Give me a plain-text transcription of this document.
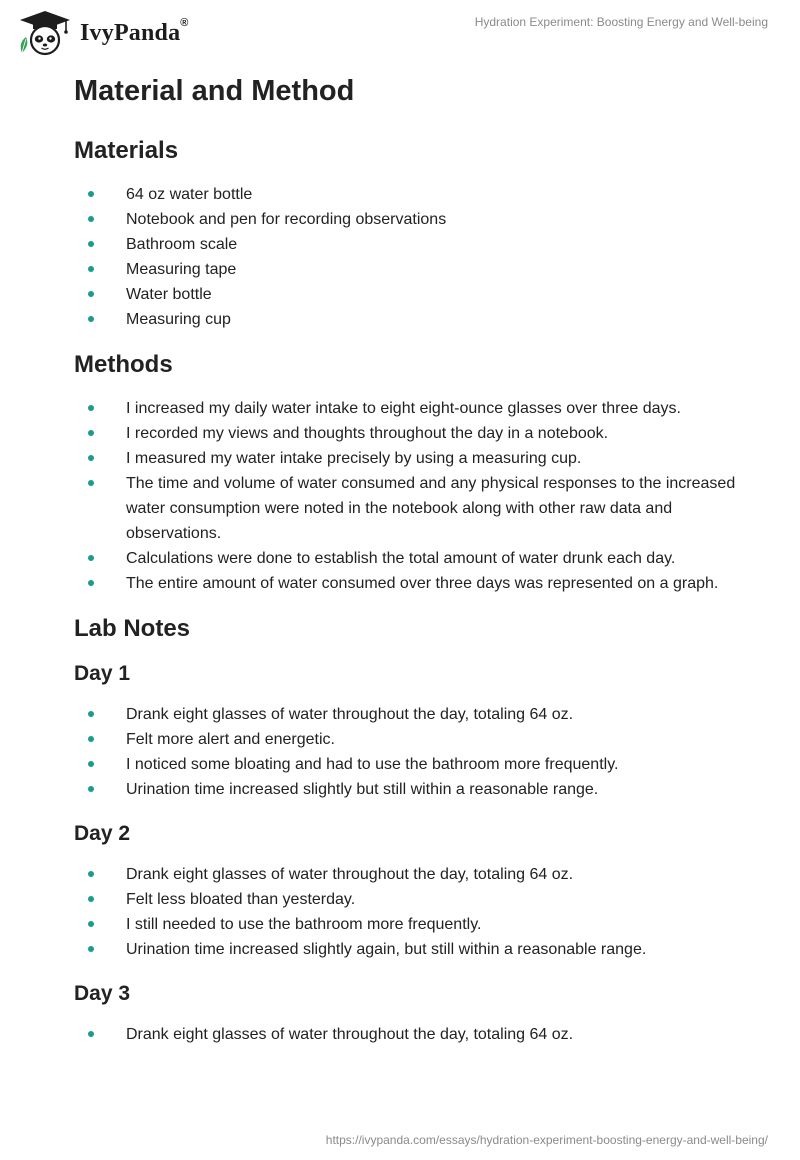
IvyPanda®	Hydration Experiment: Boosting Energy and Well-being
Material and Method
Materials
64 oz water bottle
Notebook and pen for recording observations
Bathroom scale
Measuring tape
Water bottle
Measuring cup
Methods
I increased my daily water intake to eight eight-ounce glasses over three days.
I recorded my views and thoughts throughout the day in a notebook.
I measured my water intake precisely by using a measuring cup.
The time and volume of water consumed and any physical responses to the increased water consumption were noted in the notebook along with other raw data and observations.
Calculations were done to establish the total amount of water drunk each day.
The entire amount of water consumed over three days was represented on a graph.
Lab Notes
Day 1
Drank eight glasses of water throughout the day, totaling 64 oz.
Felt more alert and energetic.
I noticed some bloating and had to use the bathroom more frequently.
Urination time increased slightly but still within a reasonable range.
Day 2
Drank eight glasses of water throughout the day, totaling 64 oz.
Felt less bloated than yesterday.
I still needed to use the bathroom more frequently.
Urination time increased slightly again, but still within a reasonable range.
Day 3
Drank eight glasses of water throughout the day, totaling 64 oz.
https://ivypanda.com/essays/hydration-experiment-boosting-energy-and-well-being/
